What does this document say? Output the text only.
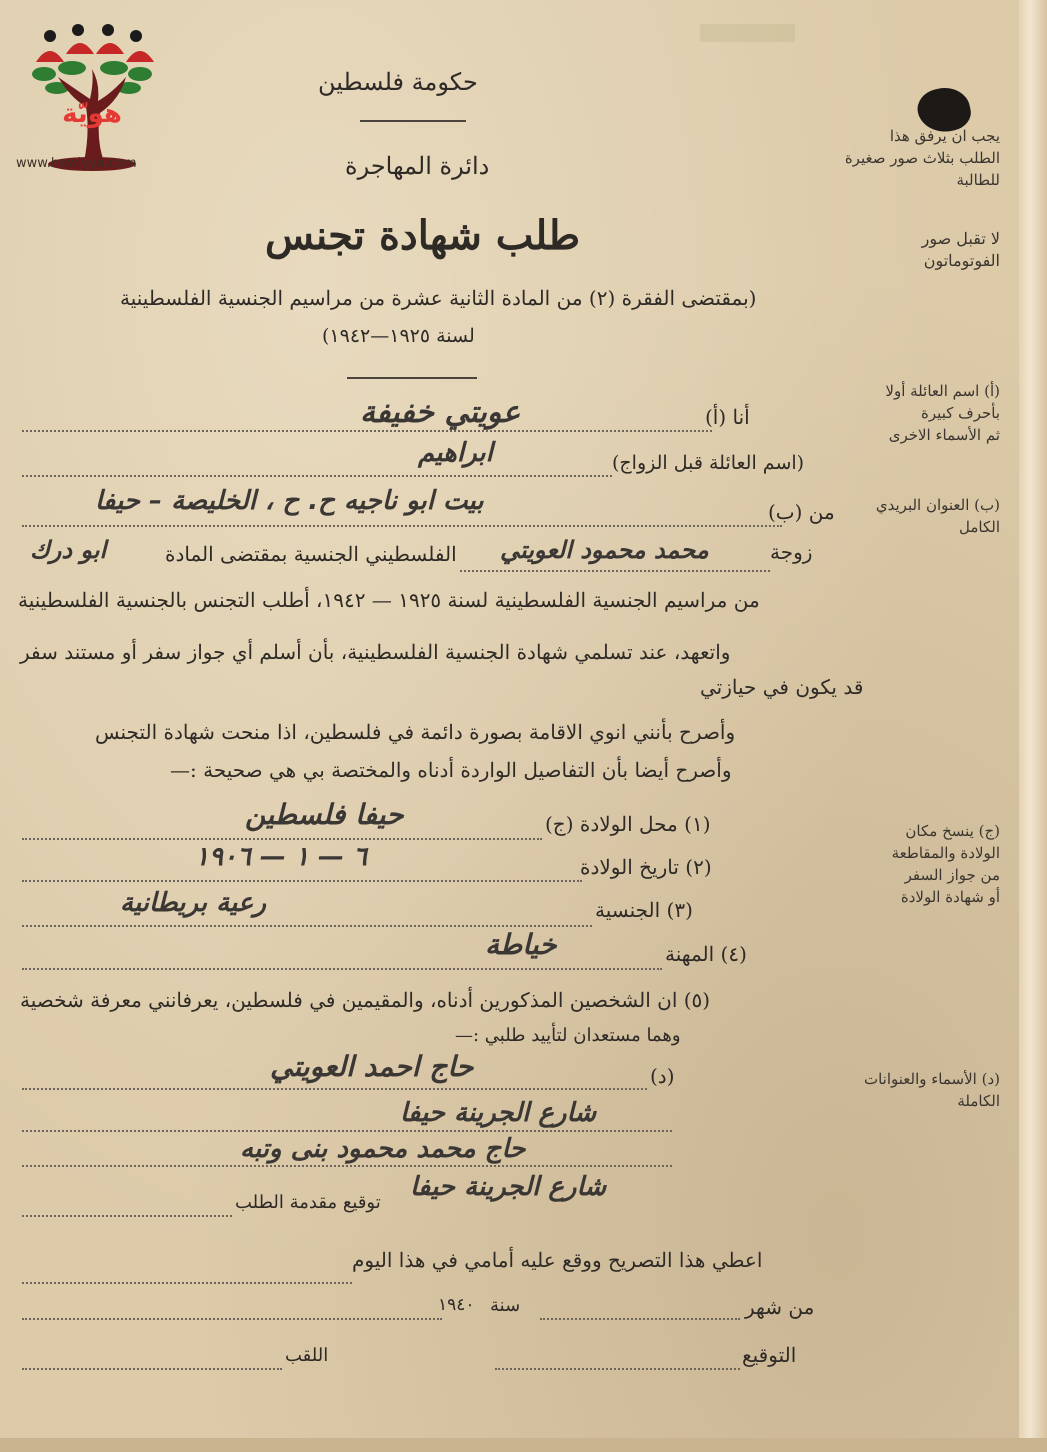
هويّة
www.howiyya.com
حكومة فلسطين
دائرة المهاجرة
طلب شهادة تجنس
(بمقتضى الفقرة (٢) من المادة الثانية عشرة من مراسيم الجنسية الفلسطينية
لسنة ١٩٢٥—١٩٤٢)
يجب ان يرفق هذا
الطلب بثلاث صور صغيرة
للطالبة
لا تقبل صور
الفوتوماتون
(أ) اسم العائلة أولا
بأحرف كبيرة
ثم الأسماء الاخرى
(ب) العنوان البريدي
الكامل
(ج) ينسخ مكان
الولادة والمقاطعة
من جواز السفر
أو شهادة الولادة
(د) الأسماء والعنوانات
الكاملة
أنا (أ)
عويتي خفيفة
(اسم العائلة قبل الزواج)
ابراهيم
من (ب)
بيت ابو ناجيه ح. ح ، الخليصة – حيفا
زوجة
محمد محمود العويتي
الفلسطيني الجنسية بمقتضى المادة
ابو درك
من مراسيم الجنسية الفلسطينية لسنة ١٩٢٥ — ١٩٤٢، أطلب التجنس بالجنسية الفلسطينية
واتعهد، عند تسلمي شهادة الجنسية الفلسطينية، بأن أسلم أي جواز سفر أو مستند سفر
قد يكون في حيازتي
وأصرح بأنني انوي الاقامة بصورة دائمة في فلسطين، اذا منحت شهادة التجنس
وأصرح أيضا بأن التفاصيل الواردة أدناه والمختصة بي هي صحيحة :—
(١) محل الولادة (ج)
حيفا فلسطين
(٢) تاريخ الولادة
٦ — ١ — ١٩٠٦
(٣) الجنسية
رعية بريطانية
(٤) المهنة
خياطة
(٥) ان الشخصين المذكورين أدناه، والمقيمين في فلسطين، يعرفانني معرفة شخصية
وهما مستعدان لتأييد طلبي :—
(د)
حاج احمد العويتي
شارع الجرينة حيفا
حاج محمد محمود بنى وتبه
شارع الجرينة حيفا
توقيع مقدمة الطلب
اعطي هذا التصريح ووقع عليه أمامي في هذا اليوم
١٩٤٠ سنة	من شهر
اللقب	التوقيع
